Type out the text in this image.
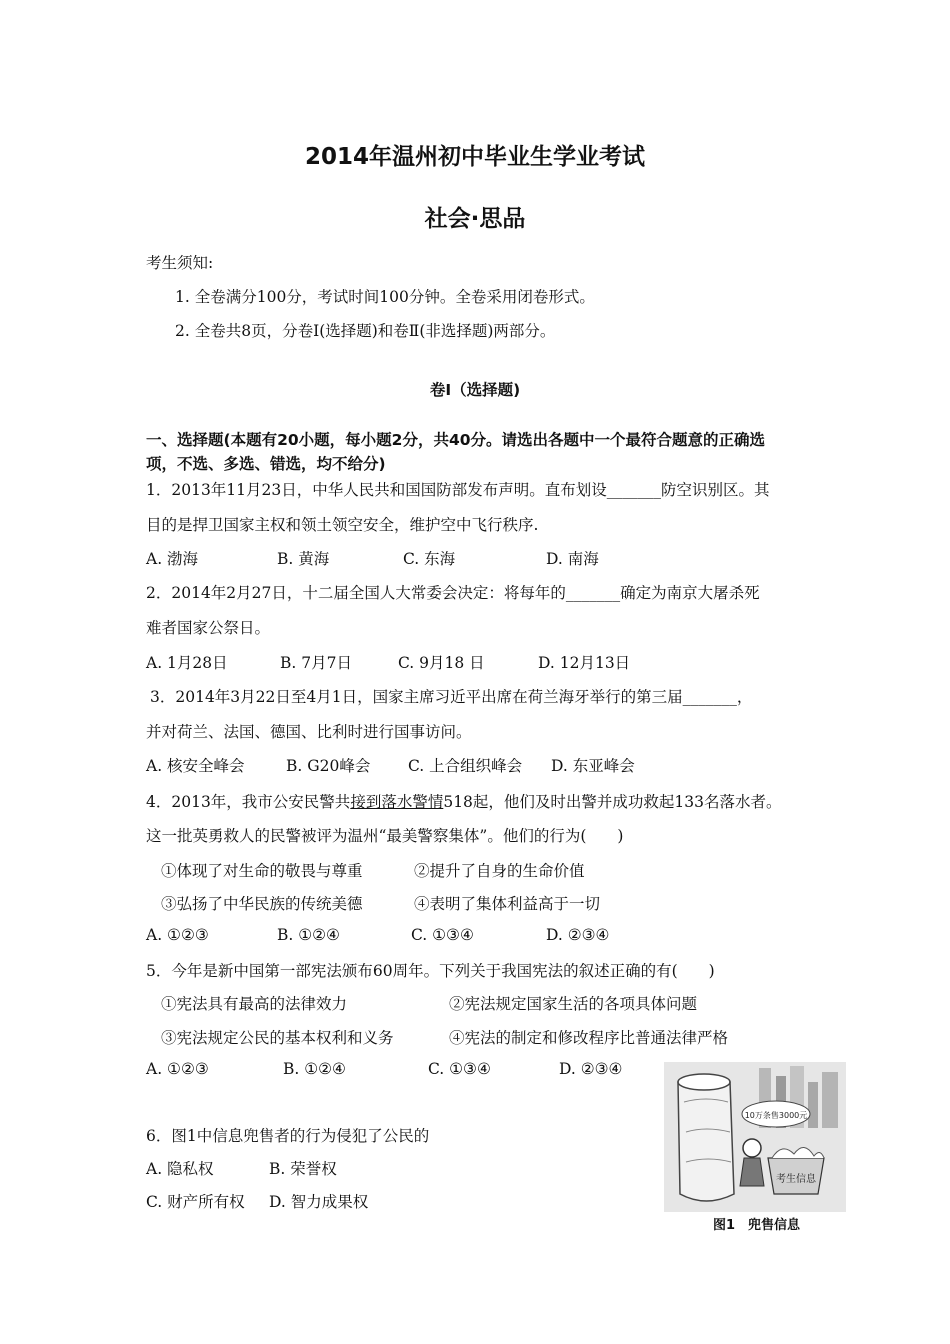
2014年温州初中毕业生学业考试
社会·思品
考生须知:
1. 全卷满分100分，考试时间100分钟。全卷采用闭卷形式。
2. 全卷共8页，分卷Ⅰ(选择题)和卷Ⅱ(非选择题)两部分。
卷Ⅰ（选择题)
一、选择题(本题有20小题，每小题2分，共40分。请选出各题中一个最符合题意的正确选
项，不选、多选、错选，均不给分)
1．2013年11月23日，中华人民共和国国防部发布声明。直布划设_______防空识别区。其
目的是捍卫国家主权和领土领空安全，维护空中飞行秩序.
A. 渤海	B. 黄海	C. 东海	D. 南海
2．2014年2月27日，十二届全国人大常委会决定：将每年的_______确定为南京大屠杀死
难者国家公祭日。
A. 1月28日	B. 7月7日	C. 9月18 日	D. 12月13日
3．2014年3月22日至4月1日，国家主席习近平出席在荷兰海牙举行的第三届_______，
并对荷兰、法国、德国、比利时进行国事访问。
A. 核安全峰会	B. G20峰会 C. 上合组织峰会 D. 东亚峰会
4．2013年，我市公安民警共接到落水警情518起，他们及时出警并成功救起133名落水者。
这一批英勇救人的民警被评为温州“最美警察集体”。他们的行为(　　)
①体现了对生命的敬畏与尊重	②提升了自身的生命价值
③弘扬了中华民族的传统美德	④表明了集体利益高于一切
A. ①②③	B. ①②④	C. ①③④	D. ②③④
5．今年是新中国第一部宪法颁布60周年。下列关于我国宪法的叙述正确的有(　　)
①宪法具有最高的法律效力	②宪法规定国家生活的各项具体问题
③宪法规定公民的基本权利和义务	④宪法的制定和修改程序比普通法律严格
A. ①②③	B. ①②④	C. ①③④	D. ②③④
6．图1中信息兜售者的行为侵犯了公民的
A. 隐私权	B. 荣誉权
C. 财产所有权 D. 智力成果权
10万条售3000元
考生信息
图1  兜售信息
